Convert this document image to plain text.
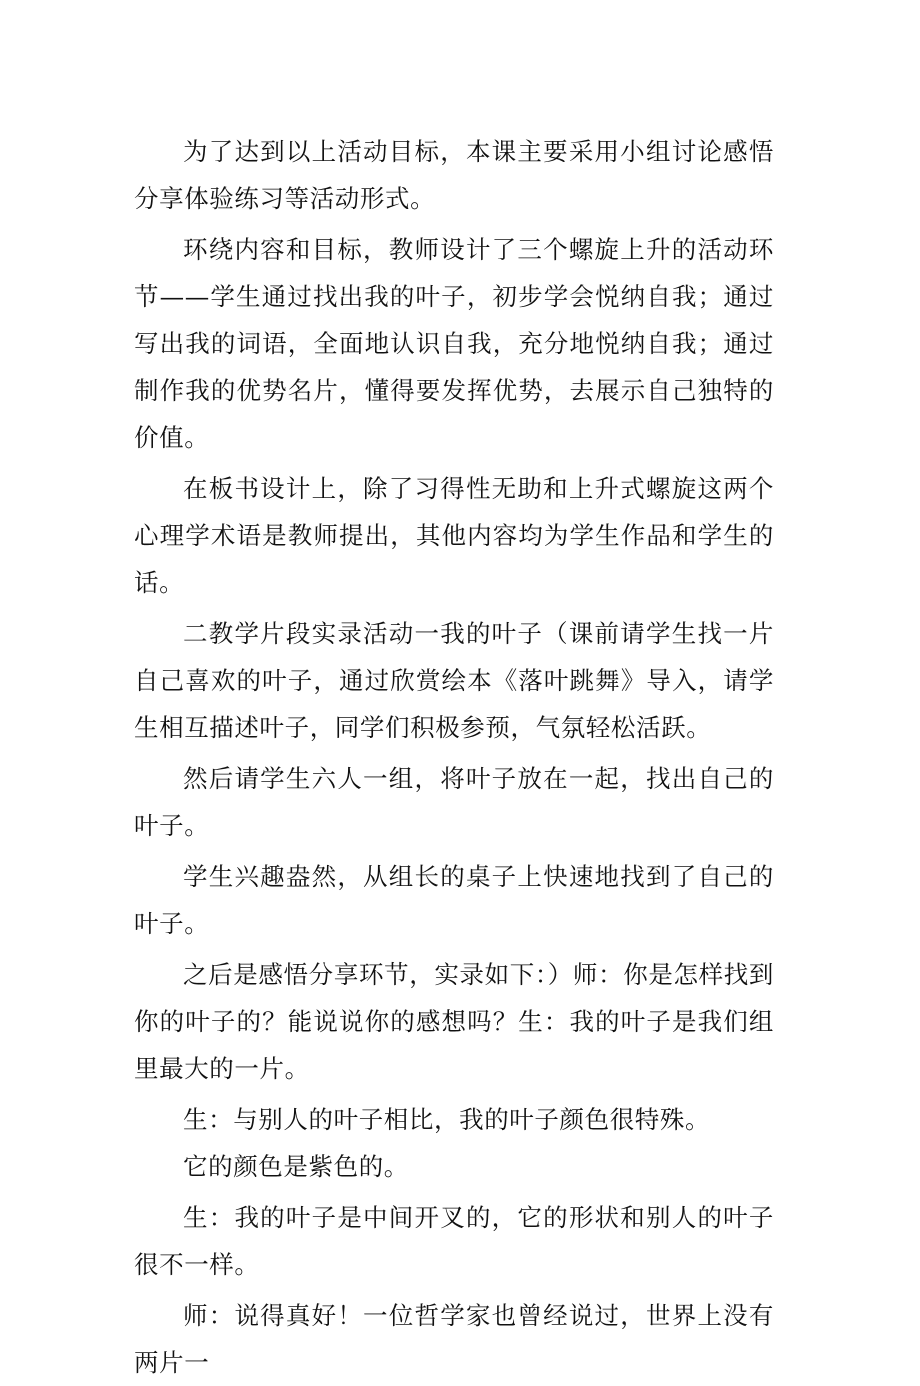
为了达到以上活动目标，本课主要采用小组讨论感悟分享体验练习等活动形式。

环绕内容和目标，教师设计了三个螺旋上升的活动环节——学生通过找出我的叶子，初步学会悦纳自我；通过写出我的词语，全面地认识自我，充分地悦纳自我；通过制作我的优势名片，懂得要发挥优势，去展示自己独特的价值。

在板书设计上，除了习得性无助和上升式螺旋这两个心理学术语是教师提出，其他内容均为学生作品和学生的话。

二教学片段实录活动一我的叶子（课前请学生找一片自己喜欢的叶子，通过欣赏绘本《落叶跳舞》导入，请学生相互描述叶子，同学们积极参预，气氛轻松活跃。

然后请学生六人一组，将叶子放在一起，找出自己的叶子。

学生兴趣盎然，从组长的桌子上快速地找到了自己的叶子。

之后是感悟分享环节，实录如下：）师：你是怎样找到你的叶子的？能说说你的感想吗？生：我的叶子是我们组里最大的一片。

生：与别人的叶子相比，我的叶子颜色很特殊。

它的颜色是紫色的。

生：我的叶子是中间开叉的，它的形状和别人的叶子很不一样。

师：说得真好！一位哲学家也曾经说过，世界上没有两片一
